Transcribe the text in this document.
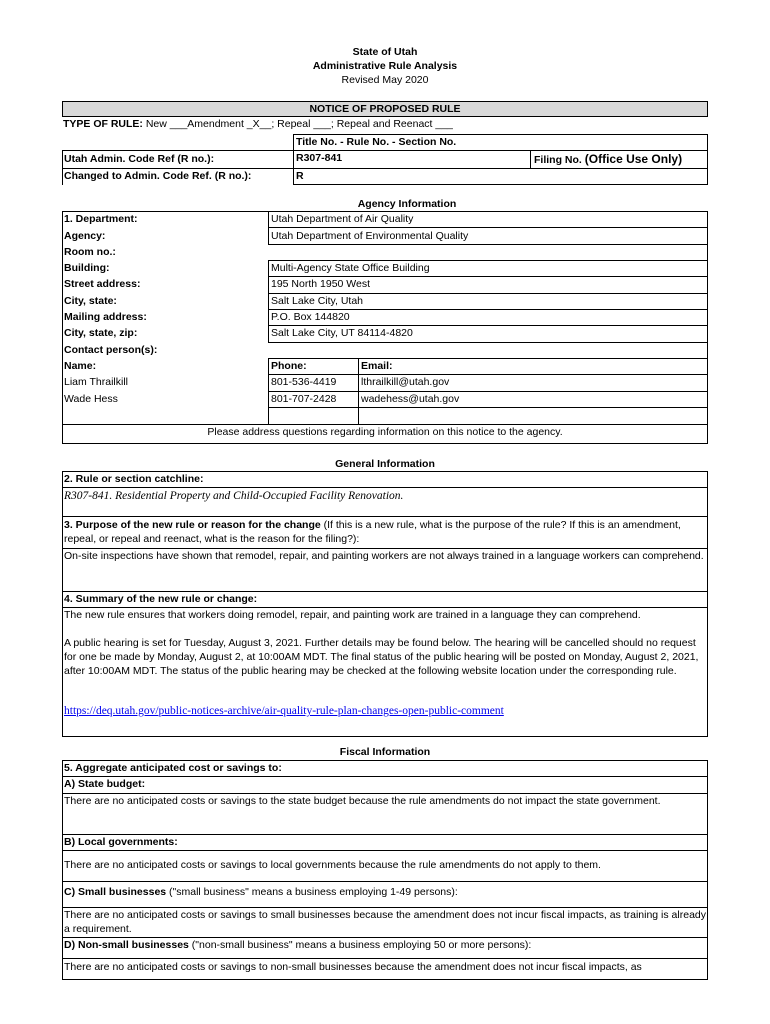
State of Utah
Administrative Rule Analysis
Revised May 2020
NOTICE OF PROPOSED RULE
TYPE OF RULE: New ___Amendment _X__; Repeal ___; Repeal and Reenact ___
Title No. - Rule No. - Section No.
Utah Admin. Code Ref (R no.):	R307-841	Filing No. (Office Use Only)
Changed to Admin. Code Ref. (R no.):	R
Agency Information
1. Department:	Utah Department of Air Quality
Agency:	Utah Department of Environmental Quality
Room no.:
Building:	Multi-Agency State Office Building
Street address:	195 North 1950 West
City, state:	Salt Lake City, Utah
Mailing address:	P.O. Box 144820
City, state, zip:	Salt Lake City, UT 84114-4820
Contact person(s):
Name:	Phone:	Email:
Liam Thrailkill	801-536-4419 lthrailkill@utah.gov
Wade Hess	801-707-2428 wadehess@utah.gov
Please address questions regarding information on this notice to the agency.
General Information
2. Rule or section catchline:
R307-841. Residential Property and Child-Occupied Facility Renovation.
3. Purpose of the new rule or reason for the change (If this is a new rule, what is the purpose of the rule? If this is an amendment, repeal, or repeal and reenact, what is the reason for the filing?):
On-site inspections have shown that remodel, repair, and painting workers are not always trained in a language workers can comprehend.
4. Summary of the new rule or change:
The new rule ensures that workers doing remodel, repair, and painting work are trained in a language they can comprehend.
A public hearing is set for Tuesday, August 3, 2021. Further details may be found below. The hearing will be cancelled should no request for one be made by Monday, August 2, at 10:00AM MDT. The final status of the public hearing will be posted on Monday, August 2, 2021, after 10:00AM MDT. The status of the public hearing may be checked at the following website location under the corresponding rule.
https://deq.utah.gov/public-notices-archive/air-quality-rule-plan-changes-open-public-comment
Fiscal Information
5. Aggregate anticipated cost or savings to:
A) State budget:
There are no anticipated costs or savings to the state budget because the rule amendments do not impact the state government.
B) Local governments:
There are no anticipated costs or savings to local governments because the rule amendments do not apply to them.
C) Small businesses ("small business" means a business employing 1-49 persons):
There are no anticipated costs or savings to small businesses because the amendment does not incur fiscal impacts, as training is already a requirement.
D) Non-small businesses ("non-small business" means a business employing 50 or more persons):
There are no anticipated costs or savings to non-small businesses because the amendment does not incur fiscal impacts, as
